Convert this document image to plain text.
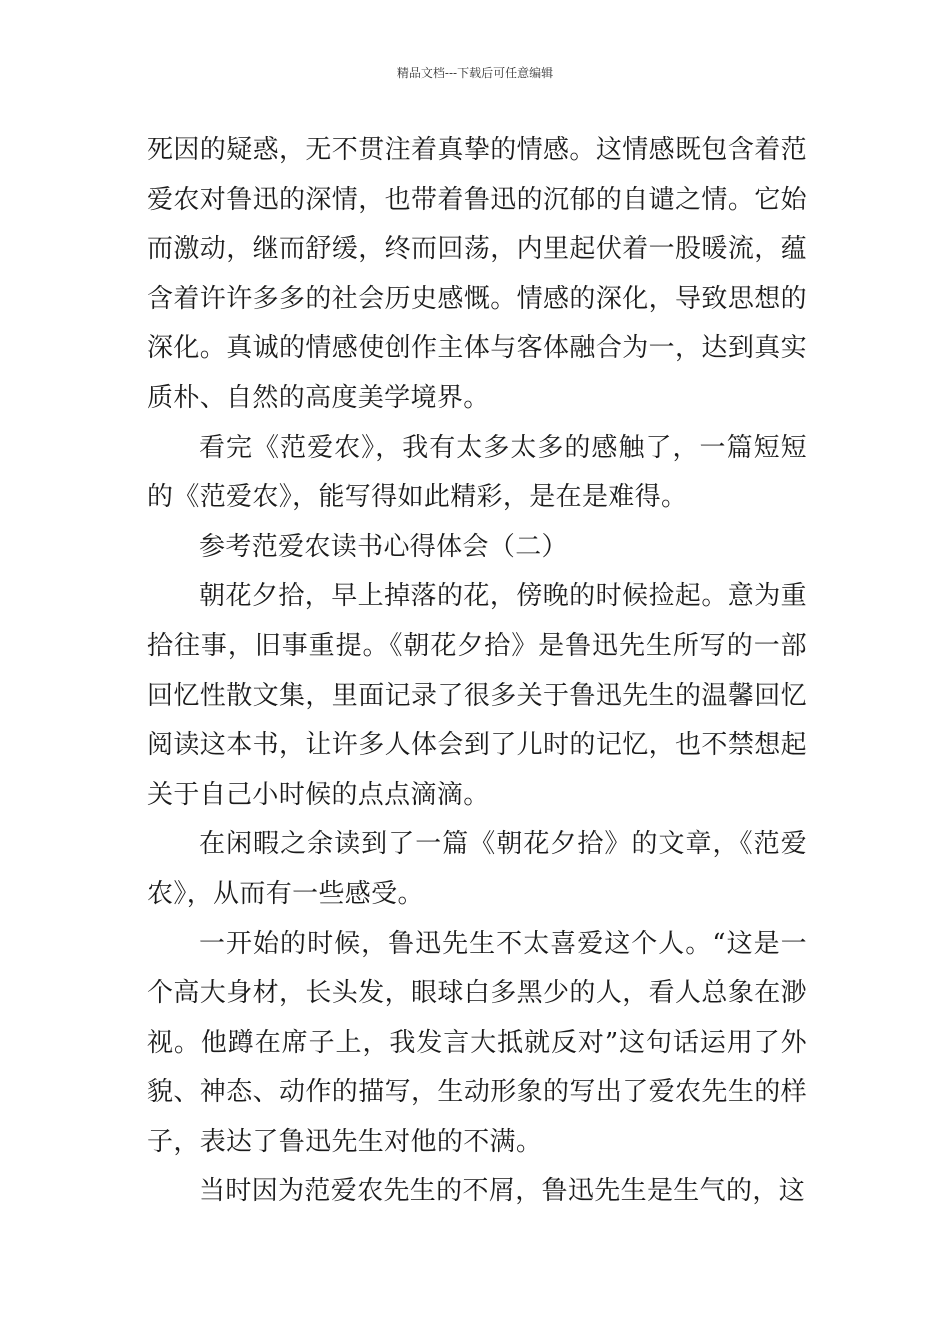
精品文档---下载后可任意编辑

死因的疑惑，无不贯注着真挚的情感。这情感既包含着范爱农对鲁迅的深情，也带着鲁迅的沉郁的自谴之情。它始而激动，继而舒缓，终而回荡，内里起伏着一股暖流，蕴含着许许多多的社会历史感慨。情感的深化，导致思想的深化。真诚的情感使创作主体与客体融合为一，达到真实质朴、自然的高度美学境界。

看完《范爱农》，我有太多太多的感触了，一篇短短的《范爱农》，能写得如此精彩，是在是难得。

参考范爱农读书心得体会（二）

朝花夕拾，早上掉落的花，傍晚的时候捡起。意为重拾往事，旧事重提。《朝花夕拾》是鲁迅先生所写的一部回忆性散文集，里面记录了很多关于鲁迅先生的温馨回忆阅读这本书，让许多人体会到了儿时的记忆，也不禁想起关于自己小时候的点点滴滴。

在闲暇之余读到了一篇《朝花夕拾》的文章，《范爱农》，从而有一些感受。

一开始的时候，鲁迅先生不太喜爱这个人。“这是一个高大身材，长头发，眼球白多黑少的人，看人总象在渺视。他蹲在席子上，我发言大抵就反对”这句话运用了外貌、神态、动作的描写，生动形象的写出了爱农先生的样子，表达了鲁迅先生对他的不满。

当时因为范爱农先生的不屑，鲁迅先生是生气的，这
